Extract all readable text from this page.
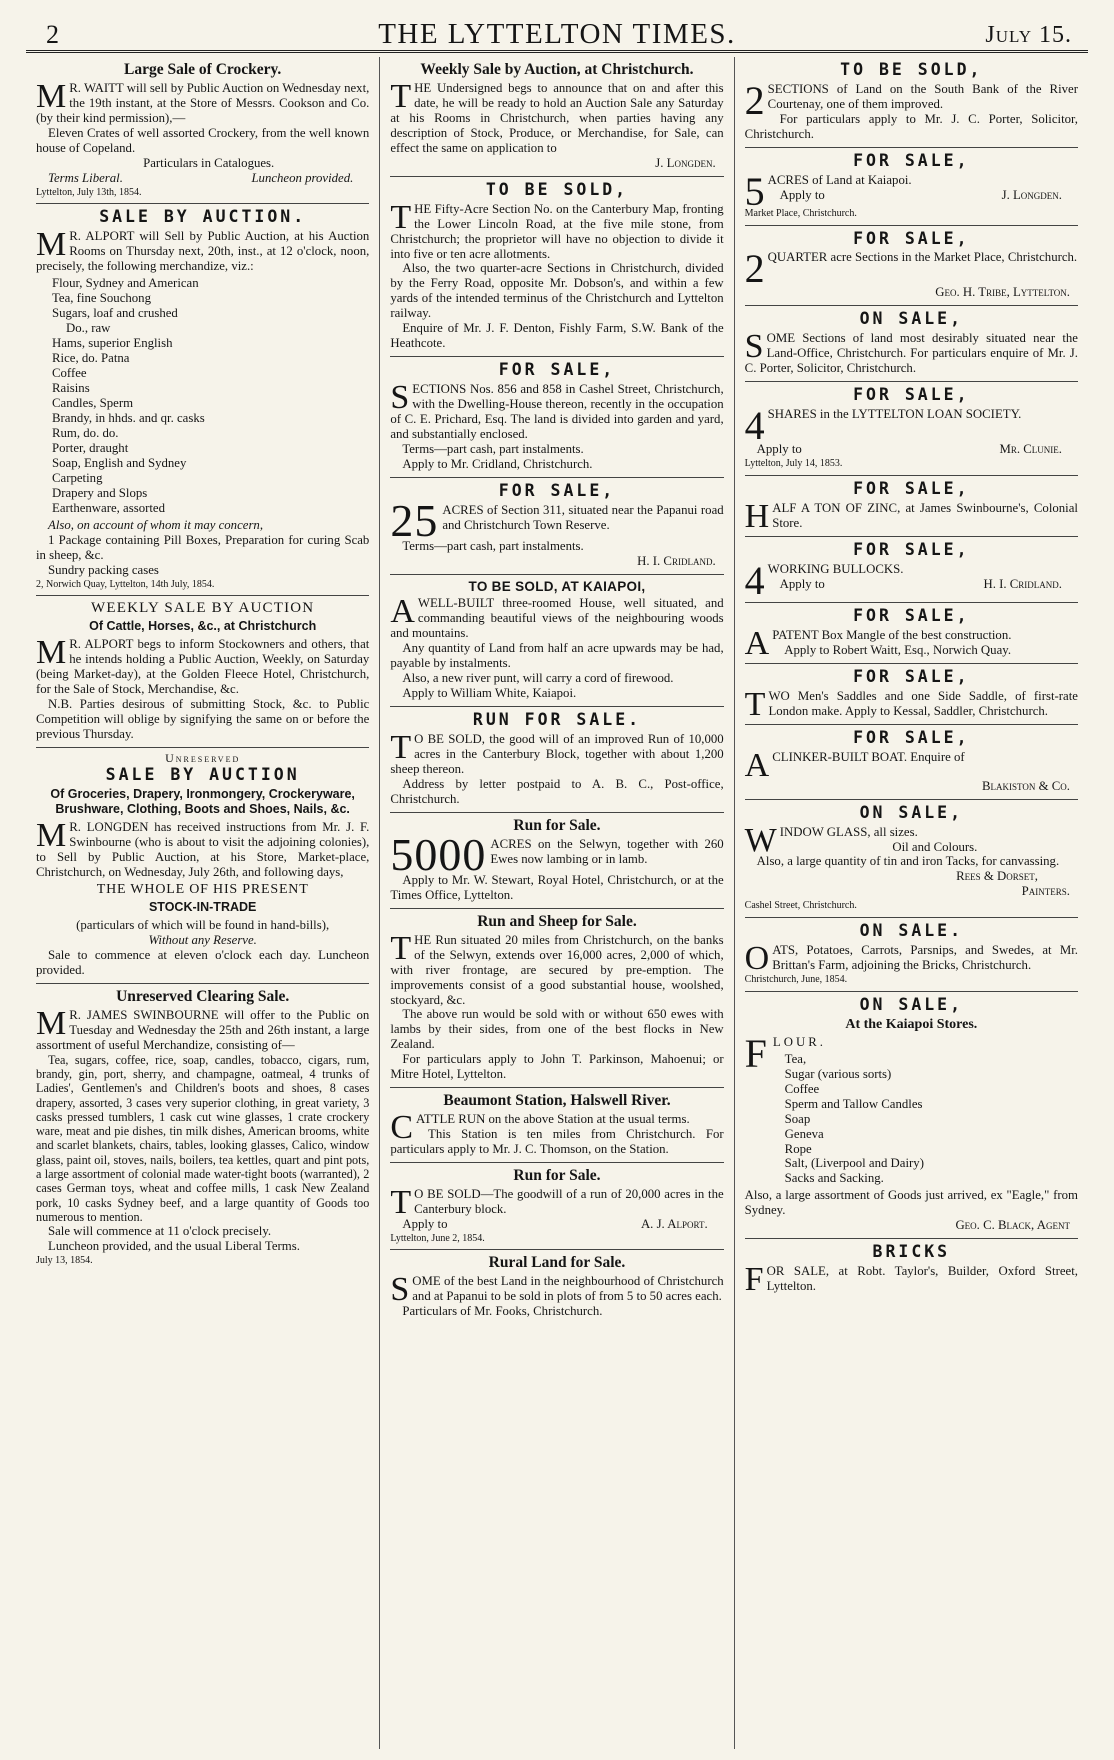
2	THE LYTTELTON TIMES.	July 15.
Large Sale of Crockery.

MR. WAITT will sell by Public Auction on Wednesday next, the 19th instant, at the Store of Messrs. Cookson and Co. (by their kind permission),—

Eleven Crates of well assorted Crockery, from the well known house of Copeland.

Particulars in Catalogues.

Terms Liberal.	Luncheon provided.
Lyttelton, July 13th, 1854.
SALE BY AUCTION.

MR. ALPORT will Sell by Public Auction, at his Auction Rooms on Thursday next, 20th, inst., at 12 o'clock, noon, precisely, the following merchandize, viz.:

Flour, Sydney and American
Tea, fine Souchong
Sugars, loaf and crushed
Do., raw
Hams, superior English
Rice, do. Patna
Coffee
Raisins
Candles, Sperm
Brandy, in hhds. and qr. casks
Rum, do. do.
Porter, draught
Soap, English and Sydney
Carpeting
Drapery and Slops
Earthenware, assorted

Also, on account of whom it may concern,

1 Package containing Pill Boxes, Preparation for curing Scab in sheep, &c.

Sundry packing cases

2, Norwich Quay, Lyttelton, 14th July, 1854.
WEEKLY SALE BY AUCTION
Of Cattle, Horses, &c., at Christchurch

MR. ALPORT begs to inform Stockowners and others, that he intends holding a Public Auction, Weekly, on Saturday (being Market-day), at the Golden Fleece Hotel, Christchurch, for the Sale of Stock, Merchandise, &c.

N.B. Parties desirous of submitting Stock, &c. to Public Competition will oblige by signifying the same on or before the previous Thursday.

Unreserved
SALE BY AUCTION
Of Groceries, Drapery, Ironmongery, Crockeryware, Brushware, Clothing, Boots and Shoes, Nails, &c.

MR. LONGDEN has received instructions from Mr. J. F. Swinbourne (who is about to visit the adjoining colonies), to Sell by Public Auction, at his Store, Market-place, Christchurch, on Wednesday, July 26th, and following days,

THE WHOLE OF HIS PRESENT
STOCK-IN-TRADE

(particulars of which will be found in hand-bills),

Without any Reserve.

Sale to commence at eleven o'clock each day. Luncheon provided.

Unreserved Clearing Sale.

MR. JAMES SWINBOURNE will offer to the Public on Tuesday and Wednesday the 25th and 26th instant, a large assortment of useful Merchandize, consisting of—

Tea, sugars, coffee, rice, soap, candles, tobacco, cigars, rum, brandy, gin, port, sherry, and champagne, oatmeal, 4 trunks of Ladies', Gentlemen's and Children's boots and shoes, 8 cases drapery, assorted, 3 cases very superior clothing, in great variety, 3 casks pressed tumblers, 1 cask cut wine glasses, 1 crate crockery ware, meat and pie dishes, tin milk dishes, American brooms, white and scarlet blankets, chairs, tables, looking glasses, Calico, window glass, paint oil, stoves, nails, boilers, tea kettles, quart and pint pots, a large assortment of colonial made water-tight boots (warranted), 2 cases German toys, wheat and coffee mills, 1 cask New Zealand pork, 10 casks Sydney beef, and a large quantity of Goods too numerous to mention.

Sale will commence at 11 o'clock precisely.

Luncheon provided, and the usual Liberal Terms.

July 13, 1854.
Weekly Sale by Auction, at Christchurch.

THE Undersigned begs to announce that on and after this date, he will be ready to hold an Auction Sale any Saturday at his Rooms in Christchurch, when parties having any description of Stock, Produce, or Merchandise, for Sale, can effect the same on application to

J. Longden.
TO BE SOLD,

THE Fifty-Acre Section No. on the Canterbury Map, fronting the Lower Lincoln Road, at the five mile stone, from Christchurch; the proprietor will have no objection to divide it into five or ten acre allotments.

Also, the two quarter-acre Sections in Christchurch, divided by the Ferry Road, opposite Mr. Dobson's, and within a few yards of the intended terminus of the Christchurch and Lyttelton railway.

Enquire of Mr. J. F. Denton, Fishly Farm, S.W. Bank of the Heathcote.

FOR SALE,

SECTIONS Nos. 856 and 858 in Cashel Street, Christchurch, with the Dwelling-House thereon, recently in the occupation of C. E. Prichard, Esq. The land is divided into garden and yard, and substantially enclosed.

Terms—part cash, part instalments.

Apply to Mr. Cridland, Christchurch.

FOR SALE,

25 ACRES of Section 311, situated near the Papanui road and Christchurch Town Reserve.

Terms—part cash, part instalments.

H. I. Cridland.
TO BE SOLD, AT KAIAPOI,

AWELL-BUILT three-roomed House, well situated, and commanding beautiful views of the neighbouring woods and mountains.

Any quantity of Land from half an acre upwards may be had, payable by instalments.

Also, a new river punt, will carry a cord of firewood.

Apply to William White, Kaiapoi.

RUN FOR SALE.

TO BE SOLD, the good will of an improved Run of 10,000 acres in the Canterbury Block, together with about 1,200 sheep thereon.

Address by letter postpaid to A. B. C., Post-office, Christchurch.

Run for Sale.

5000 ACRES on the Selwyn, together with 260 Ewes now lambing or in lamb.

Apply to Mr. W. Stewart, Royal Hotel, Christchurch, or at the Times Office, Lyttelton.

Run and Sheep for Sale.

THE Run situated 20 miles from Christchurch, on the banks of the Selwyn, extends over 16,000 acres, 2,000 of which, with river frontage, are secured by pre-emption. The improvements consist of a good substantial house, woolshed, stockyard, &c.

The above run would be sold with or without 650 ewes with lambs by their sides, from one of the best flocks in New Zealand.

For particulars apply to John T. Parkinson, Mahoenui; or Mitre Hotel, Lyttelton.

Beaumont Station, Halswell River.

CATTLE RUN on the above Station at the usual terms.

This Station is ten miles from Christchurch. For particulars apply to Mr. J. C. Thomson, on the Station.

Run for Sale.

TO BE SOLD—The goodwill of a run of 20,000 acres in the Canterbury block.

Apply to	A. J. Alport.
Lyttelton, June 2, 1854.
Rural Land for Sale.

SOME of the best Land in the neighbourhood of Christchurch and at Papanui to be sold in plots of from 5 to 50 acres each.

Particulars of Mr. Fooks, Christchurch.

TO BE SOLD,

2SECTIONS of Land on the South Bank of the River Courtenay, one of them improved.

For particulars apply to Mr. J. C. Porter, Solicitor, Christchurch.

FOR SALE,

5ACRES of Land at Kaiapoi.

Apply to	J. Longden.
Market Place, Christchurch.
FOR SALE,

2QUARTER acre Sections in the Market Place, Christchurch.

Geo. H. Tribe, Lyttelton.
ON SALE,

SOME Sections of land most desirably situated near the Land-Office, Christchurch. For particulars enquire of Mr. J. C. Porter, Solicitor, Christchurch.

FOR SALE,

4SHARES in the LYTTELTON LOAN SOCIETY.

Apply to	Mr. Clunie.
Lyttelton, July 14, 1853.
FOR SALE,

HALF A TON OF ZINC, at James Swinbourne's, Colonial Store.

FOR SALE,

4WORKING BULLOCKS.

Apply to	H. I. Cridland.
FOR SALE,

APATENT Box Mangle of the best construction.

Apply to Robert Waitt, Esq., Norwich Quay.

FOR SALE,

TWO Men's Saddles and one Side Saddle, of first-rate London make. Apply to Kessal, Saddler, Christchurch.

FOR SALE,

ACLINKER-BUILT BOAT. Enquire of

Blakiston & Co.
ON SALE,

WINDOW GLASS, all sizes.

Oil and Colours.

Also, a large quantity of tin and iron Tacks, for canvassing.

Rees & Dorset,
Painters.
Cashel Street, Christchurch.
ON SALE.

OATS, Potatoes, Carrots, Parsnips, and Swedes, at Mr. Brittan's Farm, adjoining the Bricks, Christchurch.

Christchurch, June, 1854.
ON SALE,
At the Kaiapoi Stores.

FLOUR.

Tea,
Sugar (various sorts)
Coffee
Sperm and Tallow Candles
Soap
Geneva
Rope
Salt, (Liverpool and Dairy)
Sacks and Sacking.

Also, a large assortment of Goods just arrived, ex "Eagle," from Sydney.

Geo. C. Black, Agent
BRICKS

FOR SALE, at Robt. Taylor's, Builder, Oxford Street, Lyttelton.
